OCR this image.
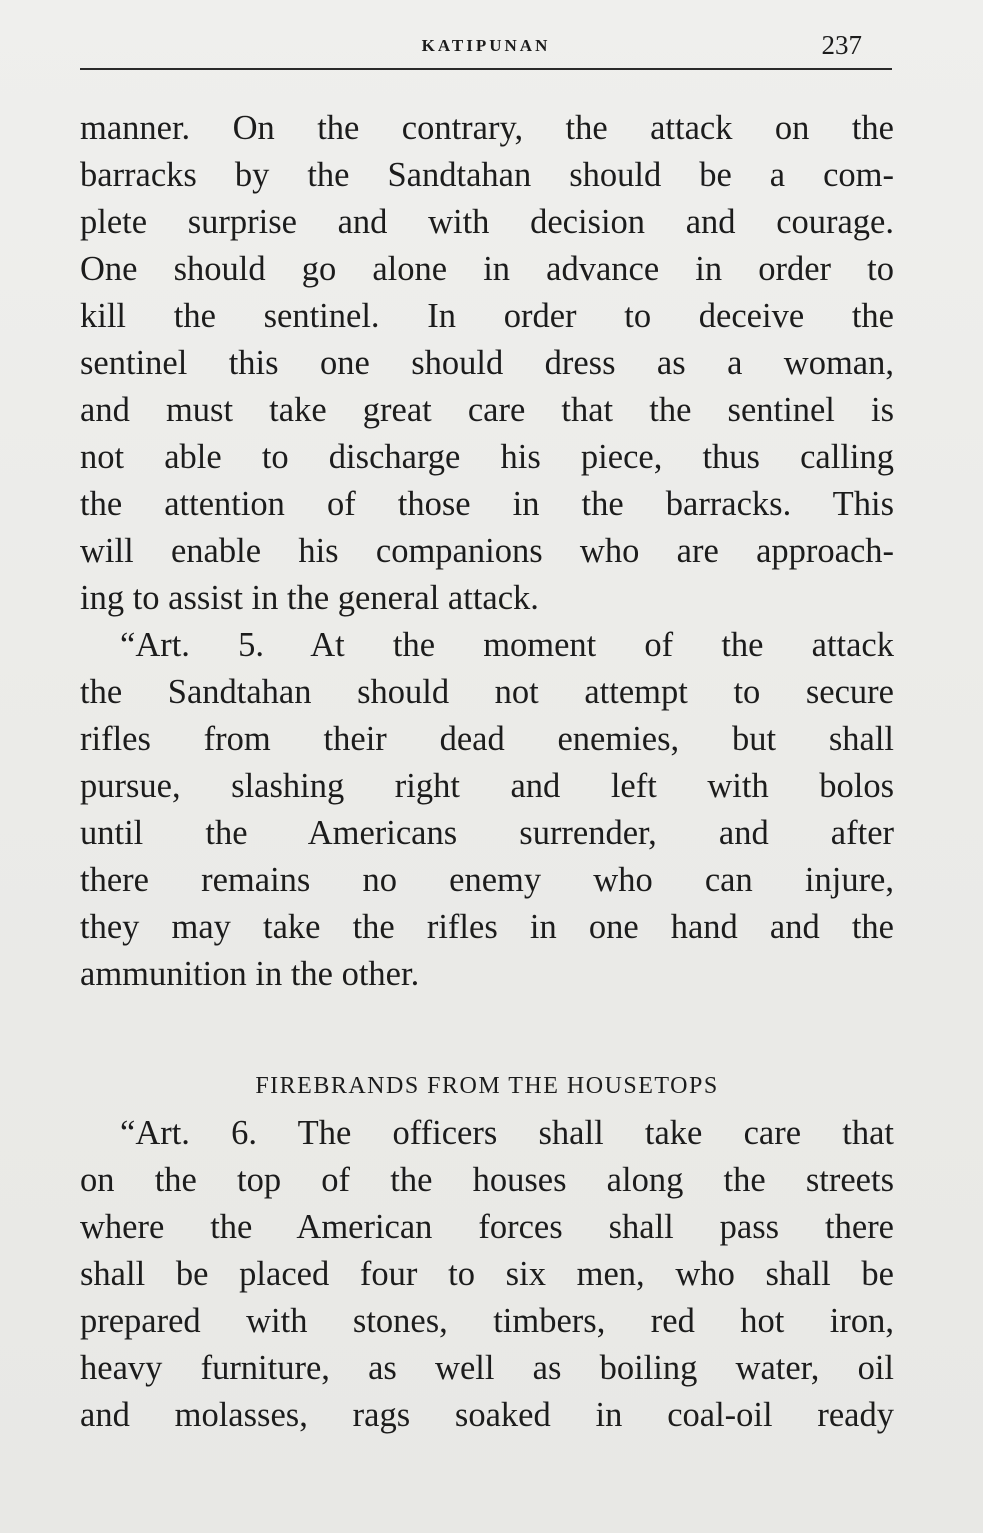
KATIPUNAN	237
manner. On the contrary, the attack on the
barracks by the Sandtahan should be a com-
plete surprise and with decision and courage.
One should go alone in advance in order to
kill the sentinel. In order to deceive the
sentinel this one should dress as a woman,
and must take great care that the sentinel is
not able to discharge his piece, thus calling
the attention of those in the barracks. This
will enable his companions who are approach-
ing to assist in the general attack.
“Art. 5. At the moment of the attack
the Sandtahan should not attempt to secure
rifles from their dead enemies, but shall
pursue, slashing right and left with bolos
until the Americans surrender, and after
there remains no enemy who can injure,
they may take the rifles in one hand and the
ammunition in the other.
FIREBRANDS FROM THE HOUSETOPS
“Art. 6. The officers shall take care that
on the top of the houses along the streets
where the American forces shall pass there
shall be placed four to six men, who shall be
prepared with stones, timbers, red hot iron,
heavy furniture, as well as boiling water, oil
and molasses, rags soaked in coal-oil ready
